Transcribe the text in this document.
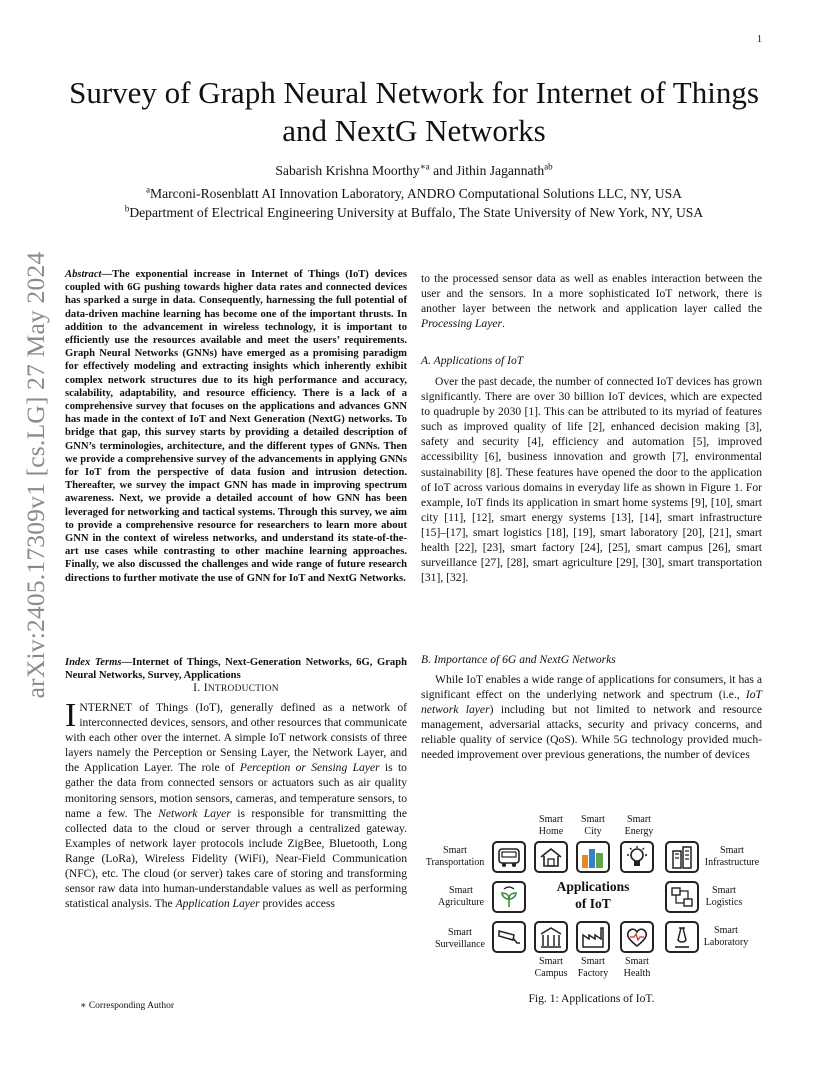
1
arXiv:2405.17309v1 [cs.LG] 27 May 2024
Survey of Graph Neural Network for Internet of Things and NextG Networks
Sabarish Krishna Moorthy$^{∗a}$ and Jithin Jagannath$^{ab}$
$^a$Marconi-Rosenblatt AI Innovation Laboratory, ANDRO Computational Solutions LLC, NY, USA
$^b$Department of Electrical Engineering University at Buffalo, The State University of New York, NY, USA

Abstract—The exponential increase in Internet of Things (IoT) devices coupled with 6G pushing towards higher data rates and connected devices has sparked a surge in data. Consequently, harnessing the full potential of data-driven machine learning has become one of the important thrusts. In addition to the advancement in wireless technology, it is important to efficiently use the resources available and meet the users’ requirements. Graph Neural Networks (GNNs) have emerged as a promising paradigm for effectively modeling and extracting insights which inherently exhibit complex network structures due to its high performance and accuracy, scalability, adaptability, and resource efficiency. There is a lack of a comprehensive survey that focuses on the applications and advances GNN has made in the context of IoT and Next Generation (NextG) networks. To bridge that gap, this survey starts by providing a detailed description of GNN’s terminologies, architecture, and the different types of GNNs. Then we provide a comprehensive survey of the advancements in applying GNNs for IoT from the perspective of data fusion and intrusion detection. Thereafter, we survey the impact GNN has made in improving spectrum awareness. Next, we provide a detailed account of how GNN has been leveraged for networking and tactical systems. Through this survey, we aim to provide a comprehensive resource for researchers to learn more about GNN in the context of wireless networks, and understand its state-of-the-art use cases while contrasting to other machine learning approaches. Finally, we also discussed the challenges and wide range of future research directions to further motivate the use of GNN for IoT and NextG Networks.

Index Terms—Internet of Things, Next-Generation Networks, 6G, Graph Neural Networks, Survey, Applications

I. INTRODUCTION

INTERNET of Things (IoT), generally defined as a network of interconnected devices, sensors, and other resources that communicate with each other over the internet. A simple IoT network consists of three layers namely the Perception or Sensing Layer, the Network Layer, and the Application Layer. The role of Perception or Sensing Layer is to gather the data from connected sensors or actuators such as air quality monitoring sensors, motion sensors, cameras, and temperature sensors, to name a few. The Network Layer is responsible for transmitting the collected data to the cloud or server through a centralized gateway. Examples of network layer protocols include ZigBee, Bluetooth, Long Range (LoRa), Wireless Fidelity (WiFi), Near-Field Communication (NFC), etc. The cloud (or server) takes care of storing and transforming sensor raw data into human-understandable values as well as performing statistical analysis. The Application Layer provides access

∗ Corresponding Author

to the processed sensor data as well as enables interaction between the user and the sensors. In a more sophisticated IoT network, there is another layer between the network and application layer called the Processing Layer.

A. Applications of IoT

Over the past decade, the number of connected IoT devices has grown significantly. There are over 30 billion IoT devices, which are expected to quadruple by 2030 [1]. This can be attributed to its myriad of features such as improved quality of life [2], enhanced decision making [3], safety and security [4], efficiency and automation [5], improved accessibility [6], business innovation and growth [7], environmental sustainability [8]. These features have opened the door to the application of IoT across various domains in everyday life as shown in Figure 1. For example, IoT finds its application in smart home systems [9], [10], smart city [11], [12], smart energy systems [13], [14], smart infrastructure [15]–[17], smart logistics [18], [19], smart laboratory [20], [21], smart health [22], [23], smart factory [24], [25], smart campus [26], smart surveillance [27], [28], smart agriculture [29], [30], smart transportation [31], [32].

B. Importance of 6G and NextG Networks

While IoT enables a wide range of applications for consumers, it has a significant effect on the underlying network and spectrum (i.e., IoT network layer) including but not limited to network and resource management, adversarial attacks, security and privacy concerns, and reliable quality of service (QoS). While 5G technology provided much-needed improvement over previous generations, the number of devices

Smart
Home
Smart
City
Smart
Energy
Smart
Transportation
Smart
Infrastructure
Smart
Agriculture
Applications
of IoT
Smart
Logistics
Smart
Surveillance
Smart
Laboratory
Smart
Campus
Smart
Factory
Smart
Health
Fig. 1: Applications of IoT.
